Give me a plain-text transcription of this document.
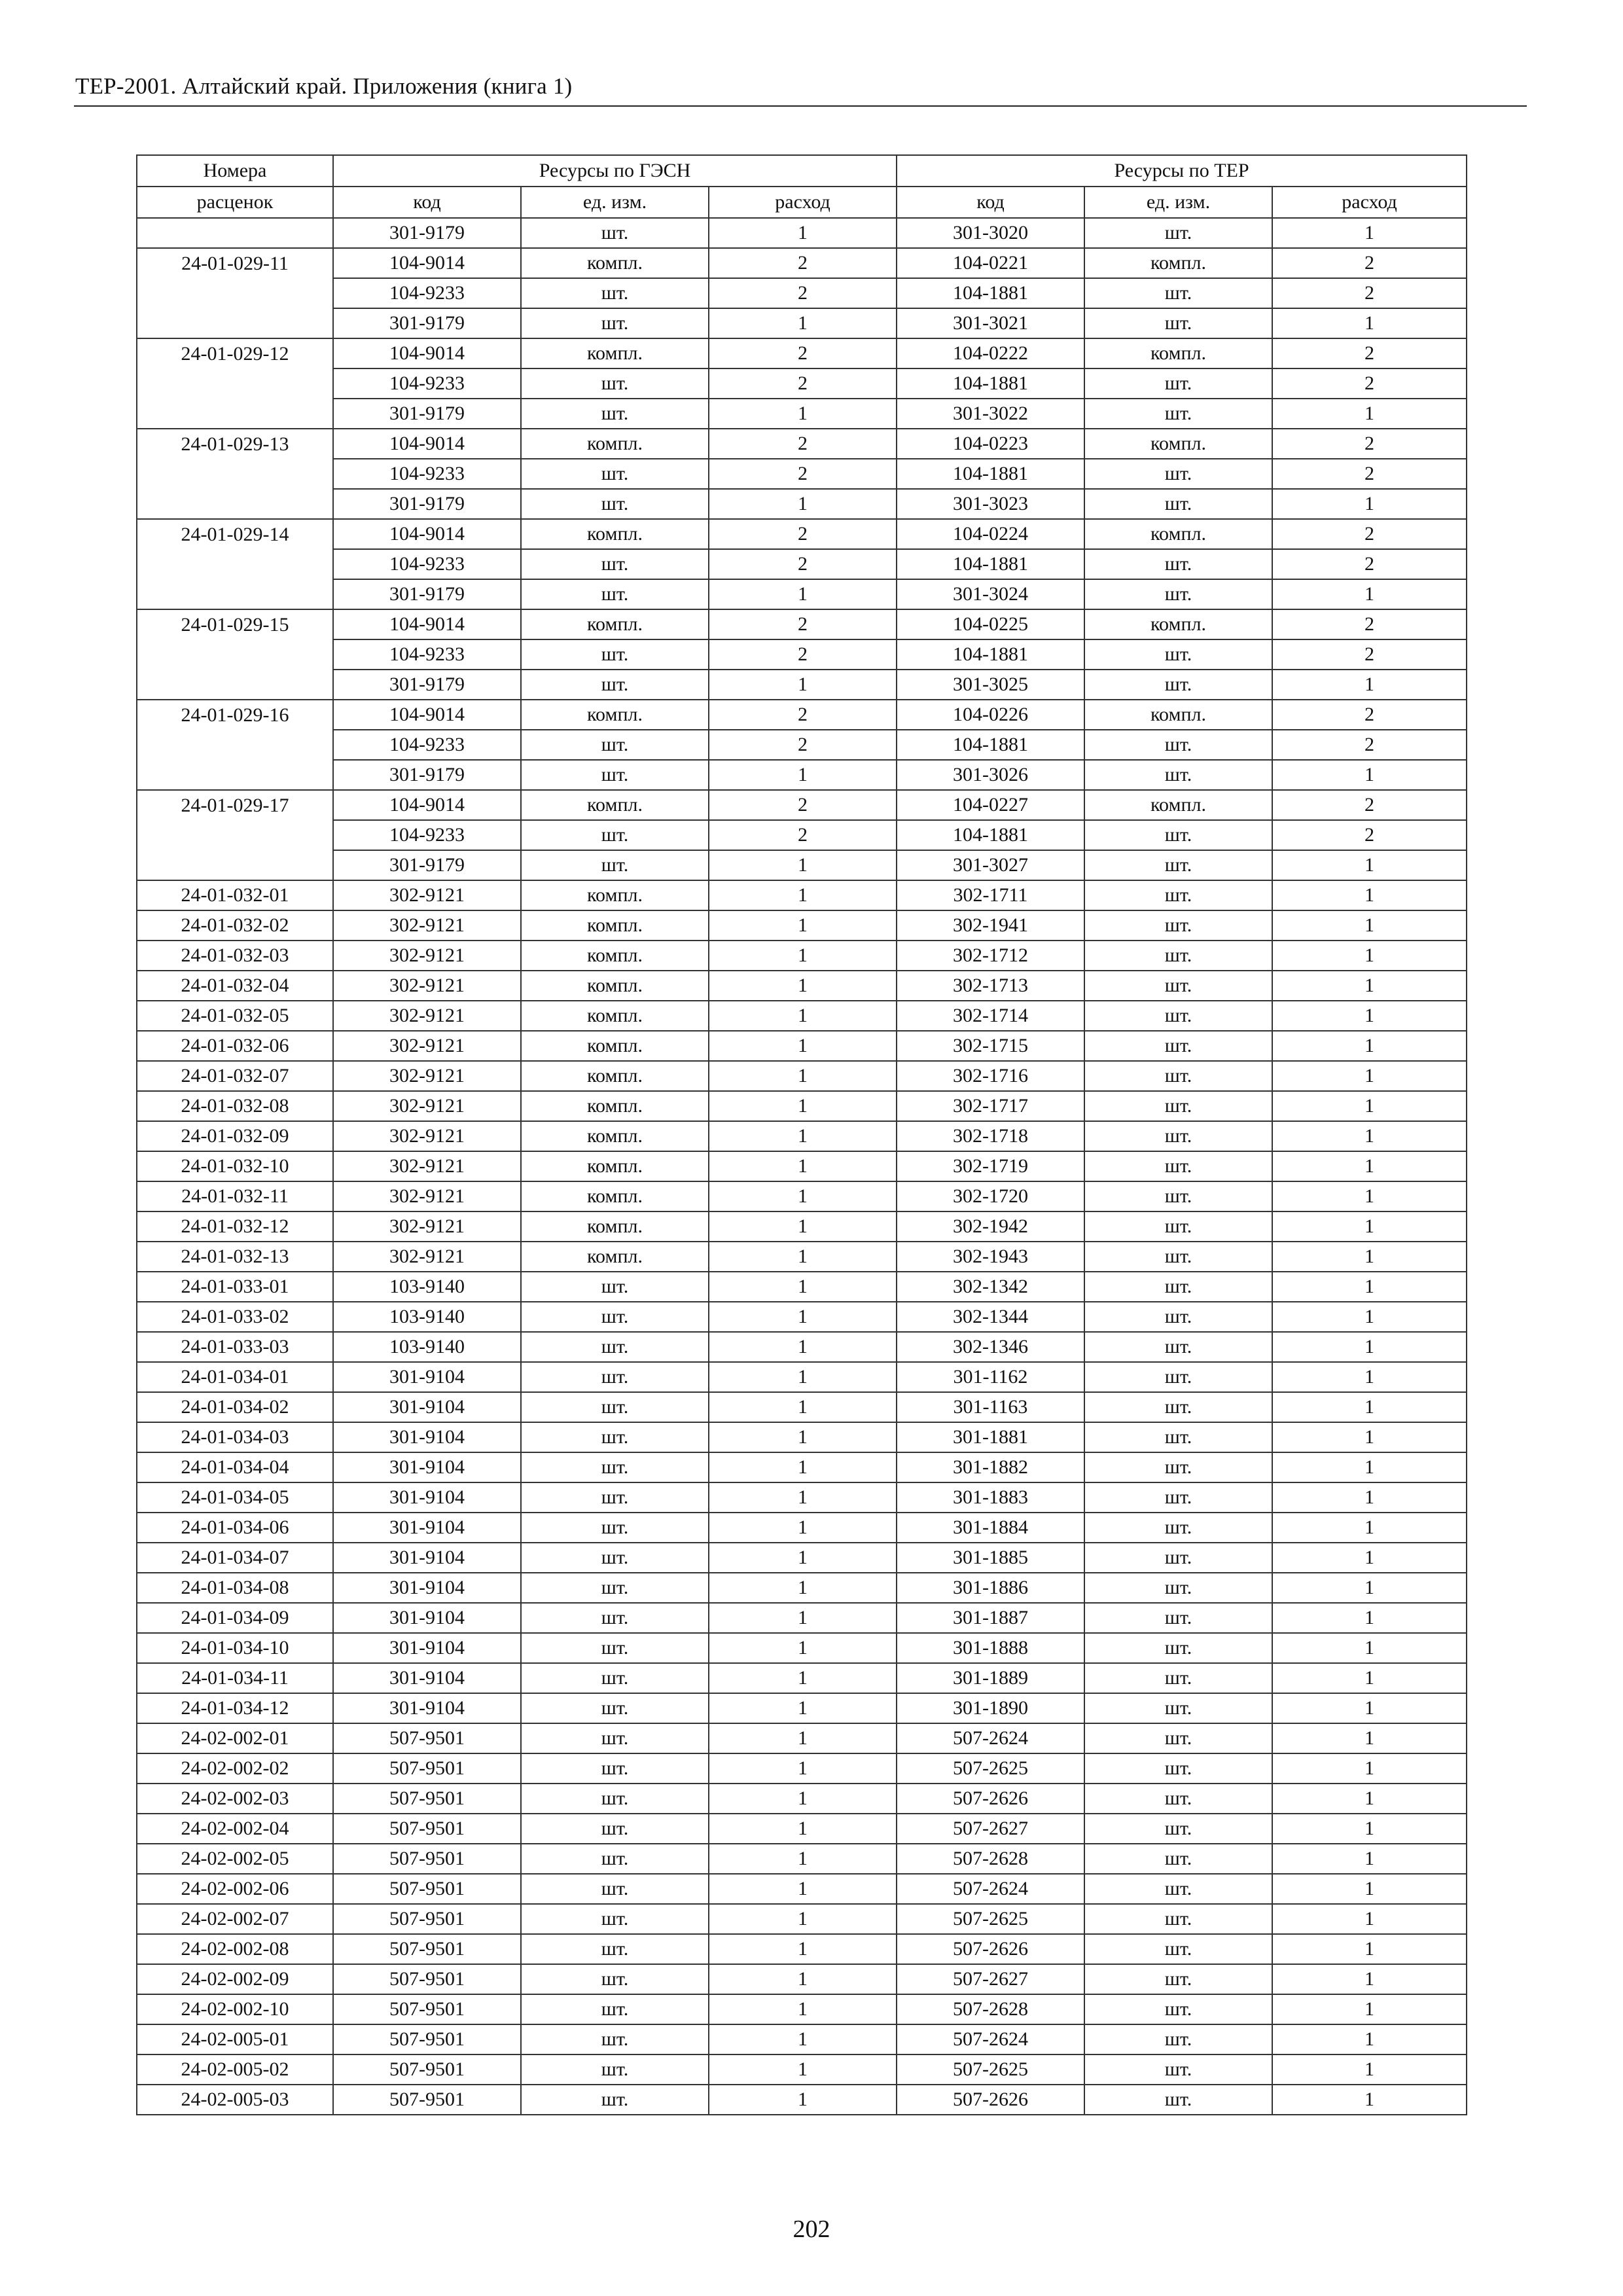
ТЕР-2001. Алтайский край. Приложения (книга 1)
Номера	Ресурсы по ГЭСН			Ресурсы по ТЕР		
расценок	код	ед. изм.	расход	код	ед. изм.	расход
	301-9179	шт.	1	301-3020	шт.	1
24-01-029-11	104-9014	компл.	2	104-0221	компл.	2
	104-9233	шт.	2	104-1881	шт.	2
	301-9179	шт.	1	301-3021	шт.	1
24-01-029-12	104-9014	компл.	2	104-0222	компл.	2
	104-9233	шт.	2	104-1881	шт.	2
	301-9179	шт.	1	301-3022	шт.	1
24-01-029-13	104-9014	компл.	2	104-0223	компл.	2
	104-9233	шт.	2	104-1881	шт.	2
	301-9179	шт.	1	301-3023	шт.	1
24-01-029-14	104-9014	компл.	2	104-0224	компл.	2
	104-9233	шт.	2	104-1881	шт.	2
	301-9179	шт.	1	301-3024	шт.	1
24-01-029-15	104-9014	компл.	2	104-0225	компл.	2
	104-9233	шт.	2	104-1881	шт.	2
	301-9179	шт.	1	301-3025	шт.	1
24-01-029-16	104-9014	компл.	2	104-0226	компл.	2
	104-9233	шт.	2	104-1881	шт.	2
	301-9179	шт.	1	301-3026	шт.	1
24-01-029-17	104-9014	компл.	2	104-0227	компл.	2
	104-9233	шт.	2	104-1881	шт.	2
	301-9179	шт.	1	301-3027	шт.	1
24-01-032-01	302-9121	компл.	1	302-1711	шт.	1
24-01-032-02	302-9121	компл.	1	302-1941	шт.	1
24-01-032-03	302-9121	компл.	1	302-1712	шт.	1
24-01-032-04	302-9121	компл.	1	302-1713	шт.	1
24-01-032-05	302-9121	компл.	1	302-1714	шт.	1
24-01-032-06	302-9121	компл.	1	302-1715	шт.	1
24-01-032-07	302-9121	компл.	1	302-1716	шт.	1
24-01-032-08	302-9121	компл.	1	302-1717	шт.	1
24-01-032-09	302-9121	компл.	1	302-1718	шт.	1
24-01-032-10	302-9121	компл.	1	302-1719	шт.	1
24-01-032-11	302-9121	компл.	1	302-1720	шт.	1
24-01-032-12	302-9121	компл.	1	302-1942	шт.	1
24-01-032-13	302-9121	компл.	1	302-1943	шт.	1
24-01-033-01	103-9140	шт.	1	302-1342	шт.	1
24-01-033-02	103-9140	шт.	1	302-1344	шт.	1
24-01-033-03	103-9140	шт.	1	302-1346	шт.	1
24-01-034-01	301-9104	шт.	1	301-1162	шт.	1
24-01-034-02	301-9104	шт.	1	301-1163	шт.	1
24-01-034-03	301-9104	шт.	1	301-1881	шт.	1
24-01-034-04	301-9104	шт.	1	301-1882	шт.	1
24-01-034-05	301-9104	шт.	1	301-1883	шт.	1
24-01-034-06	301-9104	шт.	1	301-1884	шт.	1
24-01-034-07	301-9104	шт.	1	301-1885	шт.	1
24-01-034-08	301-9104	шт.	1	301-1886	шт.	1
24-01-034-09	301-9104	шт.	1	301-1887	шт.	1
24-01-034-10	301-9104	шт.	1	301-1888	шт.	1
24-01-034-11	301-9104	шт.	1	301-1889	шт.	1
24-01-034-12	301-9104	шт.	1	301-1890	шт.	1
24-02-002-01	507-9501	шт.	1	507-2624	шт.	1
24-02-002-02	507-9501	шт.	1	507-2625	шт.	1
24-02-002-03	507-9501	шт.	1	507-2626	шт.	1
24-02-002-04	507-9501	шт.	1	507-2627	шт.	1
24-02-002-05	507-9501	шт.	1	507-2628	шт.	1
24-02-002-06	507-9501	шт.	1	507-2624	шт.	1
24-02-002-07	507-9501	шт.	1	507-2625	шт.	1
24-02-002-08	507-9501	шт.	1	507-2626	шт.	1
24-02-002-09	507-9501	шт.	1	507-2627	шт.	1
24-02-002-10	507-9501	шт.	1	507-2628	шт.	1
24-02-005-01	507-9501	шт.	1	507-2624	шт.	1
24-02-005-02	507-9501	шт.	1	507-2625	шт.	1
24-02-005-03	507-9501	шт.	1	507-2626	шт.	1
202
